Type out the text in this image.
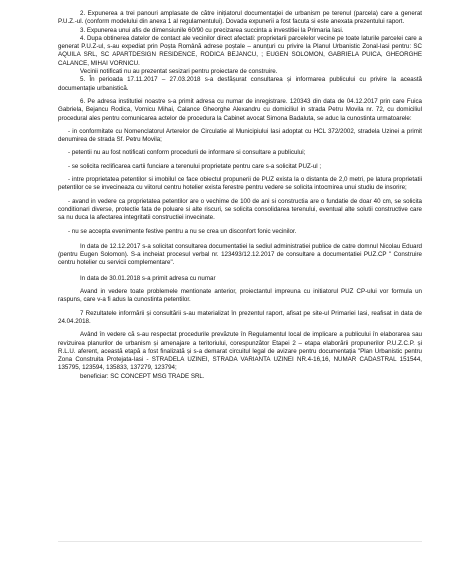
2. Expunerea a trei panouri amplasate de către inițiatorul documentației de urbanism pe terenul (parcela) care a generat P.U.Z.-ul. (conform modelului din anexa 1 al regulamentului). Dovada expunerii a fost facuta si este anexata prezentului raport.

3. Expunerea unui afis de dimensiunile 60/90 cu precizarea succinta a investitiei la Primaria Iasi.

4. Dupa obtinerea datelor de contact ale vecinilor direct afectati: proprietarii parcelelor vecine pe toate laturile parcelei care a generat P.U.Z-ul, s-au expediat prin Poșta Română adrese poștale – anunțuri cu privire la Planul Urbanistic Zonal-Iasi pentru: SC AQUILA SRL, SC APARTDESIGN RESIDENCE, RODICA BEJANCU, ; EUGEN SOLOMON, GABRIELA PUICA, GHEORGHE CALANCE, MIHAI VORNICU.

Vecinii notificati nu au prezentat sesizari pentru proiectare de construire.

5. În perioada 17.11.2017 – 27.03.2018 s-a desfășurat consultarea și informarea publicului cu privire la această documentație urbanistică.

6. Pe adresa institutiei noastre s-a primit adresa cu numar de inregistrare. 120343 din data de 04.12.2017 prin care Fuica Gabriela, Bejancu Rodica, Vornicu Mihai, Calance Gheorghe Alexandru cu domiciliul in strada Petru Movila nr. 72, cu domiciliul procedural ales pentru comunicarea actelor de procedura la Cabinet avocat Simona Badaluta, se aduc la cunostinta urmatoarele:

- in conformitate cu Nomenclatorul Arterelor de Circulatie al Municipiului Iasi adoptat cu HCL 372/2002, stradela Uzinei a primit denumirea de strada Sf. Petru Movila;

- petentii nu au fost notificati conform procedurii de informare si consultare a publicului;

- se solicita reclificarea cartii funciare a terenului proprietate pentru care s-a solicitat PUZ-ul ;

- intre proprietatea petentilor si imobilul ce face obiectul propunerii de PUZ exista la o distanta de 2,0 metri, pe latura proprietatii petentilor ce se invecineaza cu viitorul centru hotelier exista ferestre pentru vedere se solicita intocmirea unui studiu de insorire;

- avand in vedere ca proprietatea petentilor are o vechime de 100 de ani si constructia are o fundatie de doar 40 cm, se solicita conditionari diverse, protectie fata de poluare si alte riscuri, se solicita consolidarea terenului, eventual alte solutii constructive care sa nu duca la afectarea integritatii constructiei invecinate.

- nu se accepta evenimente festive pentru a nu se crea un disconfort fonic vecinilor.

In data de 12.12.2017 s-a solicitat consultarea documentatiei la sediul administratiei publice de catre domnul Nicolau Eduard (pentru Eugen Solomon). S-a incheiat procesul verbal nr. 123493/12.12.2017 de consultare a documentatiei PUZ.CP " Construire centru hotelier cu servicii complementare".

In data de 30.01.2018 s-a primit adresa cu numar

Avand in vedere toate problemele mentionate anterior, proiectantul impreuna cu initiatorul PUZ CP-ului vor formula un raspuns, care v-a fi adus la cunostinta petentilor.

7 Rezultatele informării și consultării s-au materializat în prezentul raport, afisat pe site-ul Primariei Iasi, reafisat in data de 24.04.2018.

Având în vedere că s-au respectat procedurile prevăzute în Regulamentul local de implicare a publicului în elaborarea sau revizuirea planurilor de urbanism și amenajare a teritoriului, corespunzător Etapei 2 – etapa elaborării propunerilor P.U.Z.C.P. și R.L.U. aferent, această etapă a fost finalizată și s-a demarat circuitul legal de avizare pentru documentația "Plan Urbanistic pentru Zona Construita Protejata-Iasi - STRADELA UZINEI, STRADA VARIANTA UZINEI NR.4-16,16, NUMAR CADASTRAL 151544, 135795, 123594, 135833, 137279, 123794;

beneficiar: SC CONCEPT MSG TRADE SRL.
